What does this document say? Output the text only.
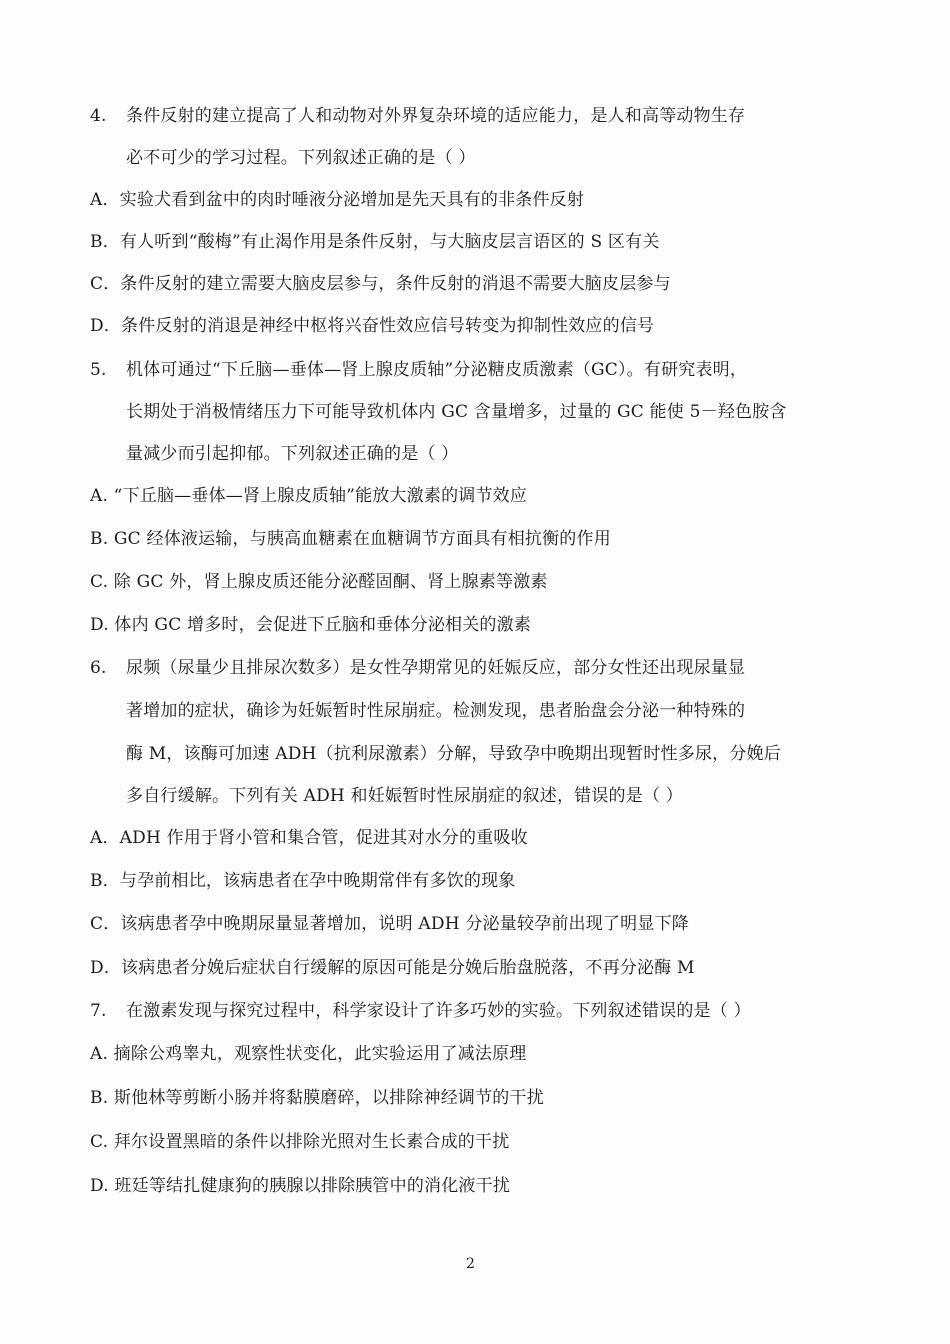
4. 条件反射的建立提高了人和动物对外界复杂环境的适应能力，是人和高等动物生存
必不可少的学习过程。下列叙述正确的是（ ）
A．实验犬看到盆中的肉时唾液分泌增加是先天具有的非条件反射
B．有人听到“酸梅”有止渴作用是条件反射，与大脑皮层言语区的 S 区有关
C．条件反射的建立需要大脑皮层参与，条件反射的消退不需要大脑皮层参与
D．条件反射的消退是神经中枢将兴奋性效应信号转变为抑制性效应的信号
5. 机体可通过“下丘脑—垂体—肾上腺皮质轴”分泌糖皮质激素（GC）。有研究表明，
长期处于消极情绪压力下可能导致机体内 GC 含量增多，过量的 GC 能使 5－羟色胺含
量减少而引起抑郁。下列叙述正确的是（ ）
A. “下丘脑—垂体—肾上腺皮质轴”能放大激素的调节效应
B. GC 经体液运输，与胰高血糖素在血糖调节方面具有相抗衡的作用
C. 除 GC 外，肾上腺皮质还能分泌醛固酮、肾上腺素等激素
D. 体内 GC 增多时，会促进下丘脑和垂体分泌相关的激素
6. 尿频（尿量少且排尿次数多）是女性孕期常见的妊娠反应，部分女性还出现尿量显
著增加的症状，确诊为妊娠暂时性尿崩症。检测发现，患者胎盘会分泌一种特殊的
酶 M，该酶可加速 ADH（抗利尿激素）分解，导致孕中晚期出现暂时性多尿，分娩后
多自行缓解。下列有关 ADH 和妊娠暂时性尿崩症的叙述，错误的是（ ）
A．ADH 作用于肾小管和集合管，促进其对水分的重吸收
B．与孕前相比，该病患者在孕中晚期常伴有多饮的现象
C．该病患者孕中晚期尿量显著增加，说明 ADH 分泌量较孕前出现了明显下降
D．该病患者分娩后症状自行缓解的原因可能是分娩后胎盘脱落，不再分泌酶 M
7. 在激素发现与探究过程中，科学家设计了许多巧妙的实验。下列叙述错误的是（ ）
A. 摘除公鸡睾丸，观察性状变化，此实验运用了减法原理
B. 斯他林等剪断小肠并将黏膜磨碎，以排除神经调节的干扰
C. 拜尔设置黑暗的条件以排除光照对生长素合成的干扰
D. 班廷等结扎健康狗的胰腺以排除胰管中的消化液干扰
2
